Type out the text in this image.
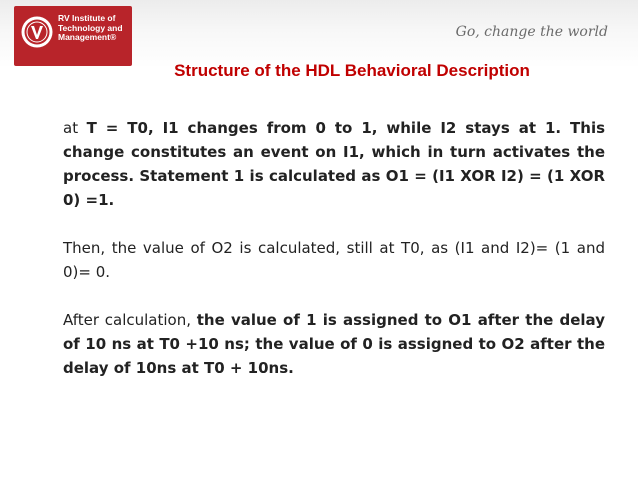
RV Institute of
Technology and
Management®	Go, change the world
Structure of the HDL Behavioral Description

at T = T0, I1 changes from 0 to 1, while I2 stays at 1. This change constitutes an event on I1, which in turn activates the process. Statement 1 is calculated as O1 = (I1 XOR I2) = (1 XOR 0) =1.

Then, the value of O2 is calculated, still at T0, as (I1 and I2)= (1 and 0)= 0.

After calculation, the value of 1 is assigned to O1 after the delay of 10 ns at T0 +10 ns; the value of 0 is assigned to O2 after the delay of 10ns at T0 + 10ns.
